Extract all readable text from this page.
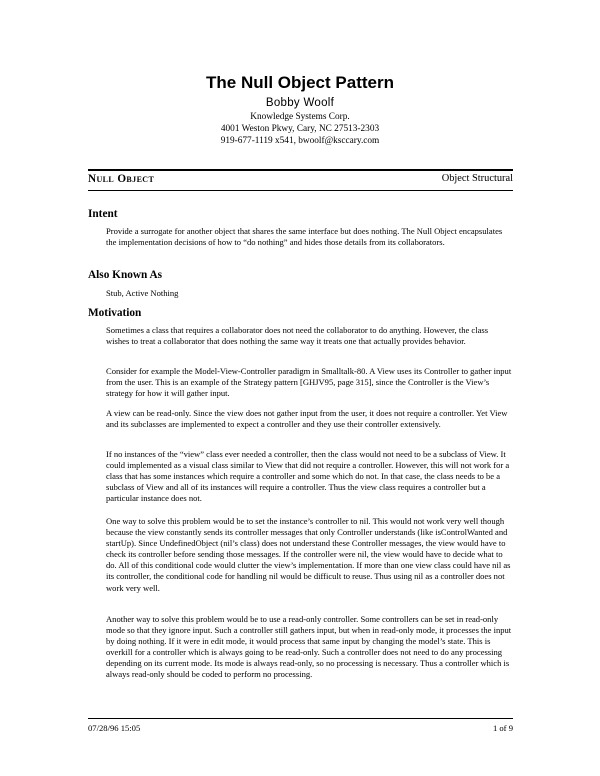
The Null Object Pattern
Bobby Woolf
Knowledge Systems Corp.
4001 Weston Pkwy, Cary, NC 27513-2303
919-677-1119 x541, bwoolf@ksccary.com
Null Object	Object Structural
Intent

Provide a surrogate for another object that shares the same interface but does nothing. The Null Object encapsulates the implementation decisions of how to “do nothing” and hides those details from its collaborators.

Also Known As

Stub, Active Nothing

Motivation

Sometimes a class that requires a collaborator does not need the collaborator to do anything. However, the class wishes to treat a collaborator that does nothing the same way it treats one that actually provides behavior.

Consider for example the Model-View-Controller paradigm in Smalltalk-80. A View uses its Controller to gather input from the user. This is an example of the Strategy pattern [GHJV95, page 315], since the Controller is the View’s strategy for how it will gather input.

A view can be read-only. Since the view does not gather input from the user, it does not require a controller. Yet View and its subclasses are implemented to expect a controller and they use their controller extensively.

If no instances of the “view” class ever needed a controller, then the class would not need to be a subclass of View. It could implemented as a visual class similar to View that did not require a controller. However, this will not work for a class that has some instances which require a controller and some which do not. In that case, the class needs to be a subclass of View and all of its instances will require a controller. Thus the view class requires a controller but a particular instance does not.

One way to solve this problem would be to set the instance’s controller to nil. This would not work very well though because the view constantly sends its controller messages that only Controller understands (like isControlWanted and startUp). Since UndefinedObject (nil’s class) does not understand these Controller messages, the view would have to check its controller before sending those messages. If the controller were nil, the view would have to decide what to do. All of this conditional code would clutter the view’s implementation. If more than one view class could have nil as its controller, the conditional code for handling nil would be difficult to reuse. Thus using nil as a controller does not work very well.

Another way to solve this problem would be to use a read-only controller. Some controllers can be set in read-only mode so that they ignore input. Such a controller still gathers input, but when in read-only mode, it processes the input by doing nothing. If it were in edit mode, it would process that same input by changing the model’s state. This is overkill for a controller which is always going to be read-only. Such a controller does not need to do any processing depending on its current mode. Its mode is always read-only, so no processing is necessary. Thus a controller which is always read-only should be coded to perform no processing.

07/28/96 15:05	1 of 9
